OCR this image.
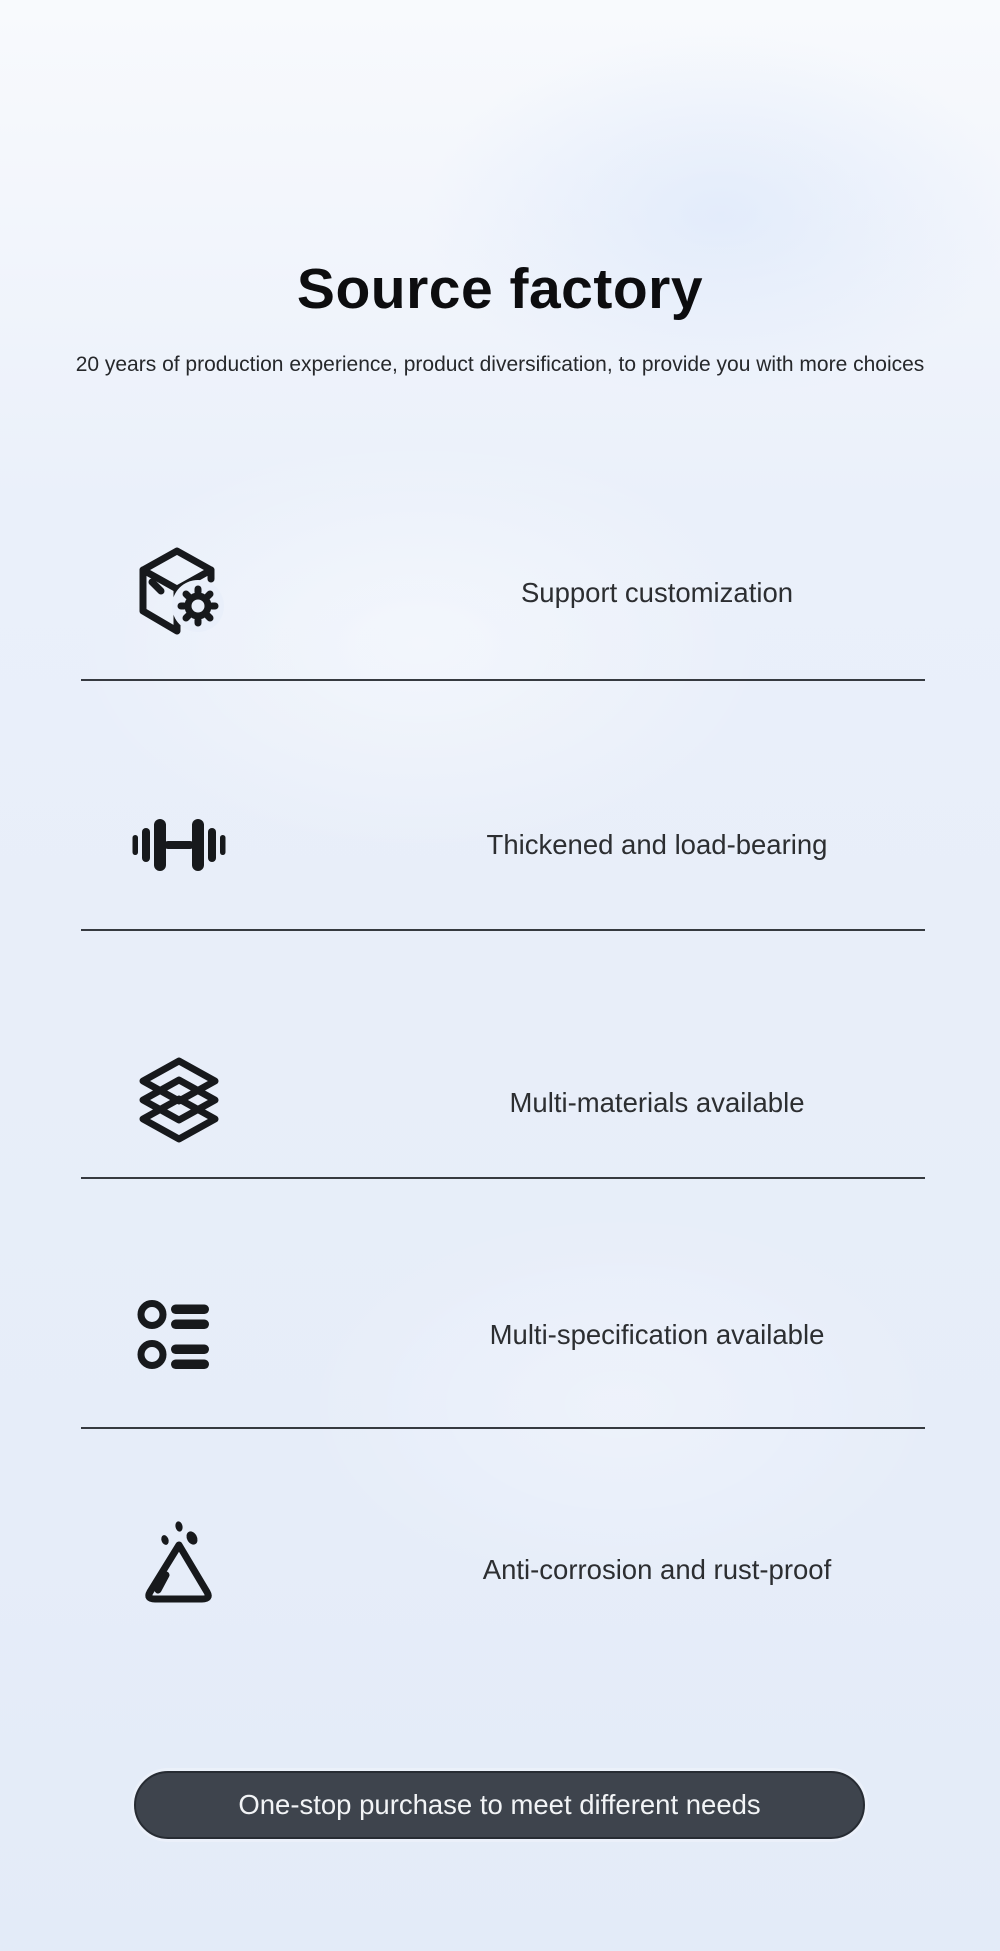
Source factory
20 years of production experience, product diversification, to provide you with more choices
Support customization
Thickened and load-bearing
Multi-materials available
Multi-specification available
Anti-corrosion and rust-proof
One-stop purchase to meet different needs
